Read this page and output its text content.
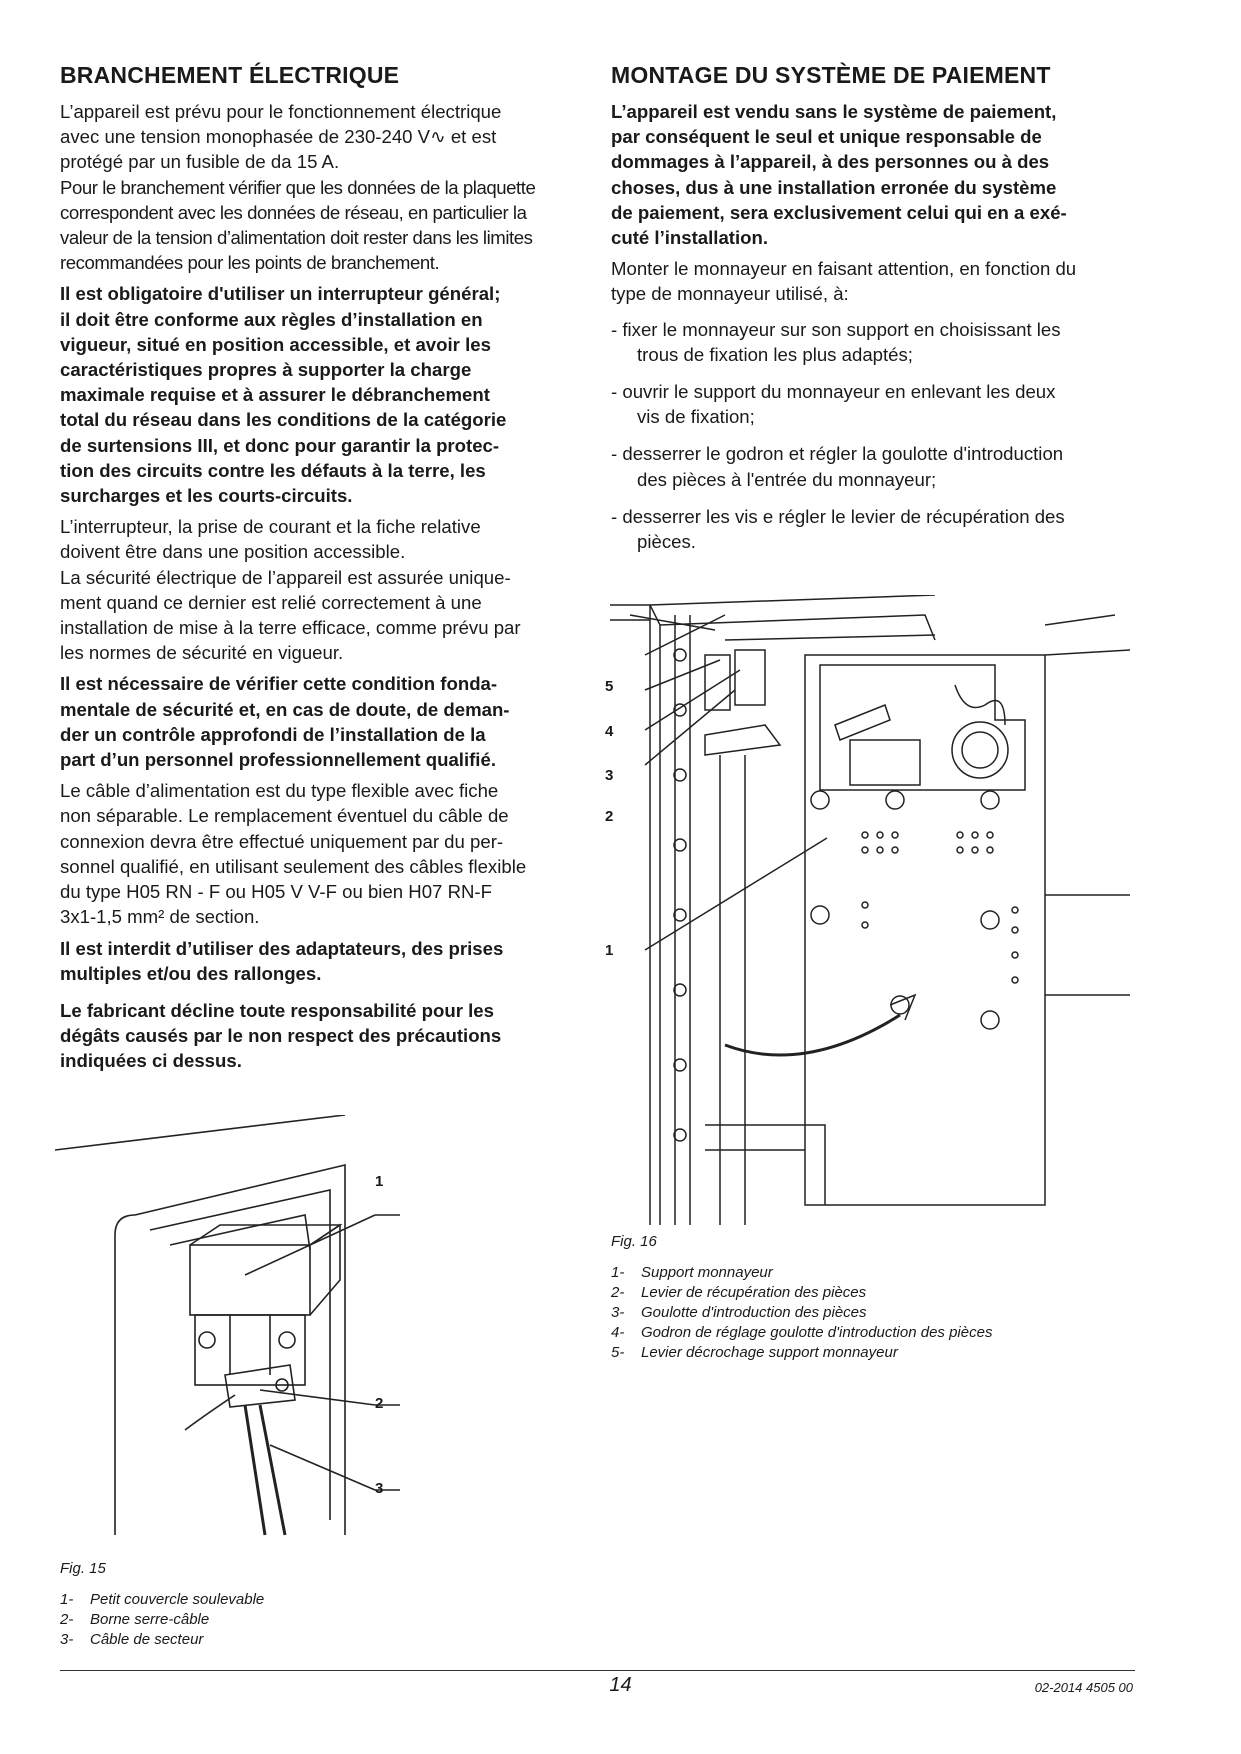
BRANCHEMENT ÉLECTRIQUE

L’appareil est prévu pour le fonctionnement électrique
avec une tension monophasée de 230-240 V∿ et est
protégé par un fusible de da 15 A.

Pour le branchement vérifier que les données de la plaquette
correspondent avec les données de réseau, en particulier la
valeur de la tension d’alimentation doit rester dans les limites
recommandées pour les points de branchement.

Il est obligatoire d'utiliser un interrupteur général;
il doit être conforme aux règles d’installation en
vigueur, situé en position accessible, et avoir les
caractéristiques propres à supporter la charge
maximale requise et à assurer le débranchement
total du réseau dans les conditions de la catégorie
de surtensions III, et donc pour garantir la protec-
tion des circuits contre les défauts à la terre, les
surcharges et les courts-circuits.

L’interrupteur, la prise de courant et la fiche relative
doivent être dans une position accessible.
La sécurité électrique de l’appareil est assurée unique-
ment quand ce dernier est relié correctement à une
installation de mise à la terre efficace, comme prévu par
les normes de sécurité en vigueur.

Il est nécessaire de vérifier cette condition fonda-
mentale de sécurité et, en cas de doute, de deman-
der un contrôle approfondi de l’installation de la
part d’un personnel professionnellement qualifié.

Le câble d’alimentation est du type flexible avec fiche
non séparable. Le remplacement éventuel du câble de
connexion devra être effectué uniquement par du per-
sonnel qualifié, en utilisant seulement des câbles flexible
du type H05 RN - F ou H05 V V-F ou bien H07 RN-F
3x1-1,5 mm² de section.

Il est interdit d’utiliser des adaptateurs, des prises
multiples et/ou des rallonges.

Le fabricant décline toute responsabilité pour les
dégâts causés par le non respect des précautions
indiquées ci dessus.

1
2
3
Fig. 15
1-	Petit couvercle soulevable
2-	Borne serre-câble
3-	Câble de secteur
MONTAGE DU SYSTÈME DE PAIEMENT

L’appareil est vendu sans le système de paiement,
par conséquent le seul et unique responsable de
dommages à l’appareil, à des personnes ou à des
choses, dus à une installation erronée du système
de paiement, sera exclusivement celui qui en a exé-
cuté l’installation.

Monter le monnayeur en faisant attention, en fonction du
type de monnayeur utilisé, à:

- fixer le monnayeur sur son support en choisissant les
trous de fixation les plus adaptés;
- ouvrir le support du monnayeur en enlevant les deux
vis de fixation;
- desserrer le godron et régler la goulotte d'introduction
des pièces à l'entrée du monnayeur;
- desserrer les vis e régler le levier de récupération des
pièces.
5
4
3
2
1
Fig. 16
1-	Support monnayeur
2-	Levier de récupération des pièces
3-	Goulotte d'introduction des pièces
4-	Godron de réglage goulotte d'introduction des pièces
5-	Levier décrochage support monnayeur
14	02-2014 4505 00
